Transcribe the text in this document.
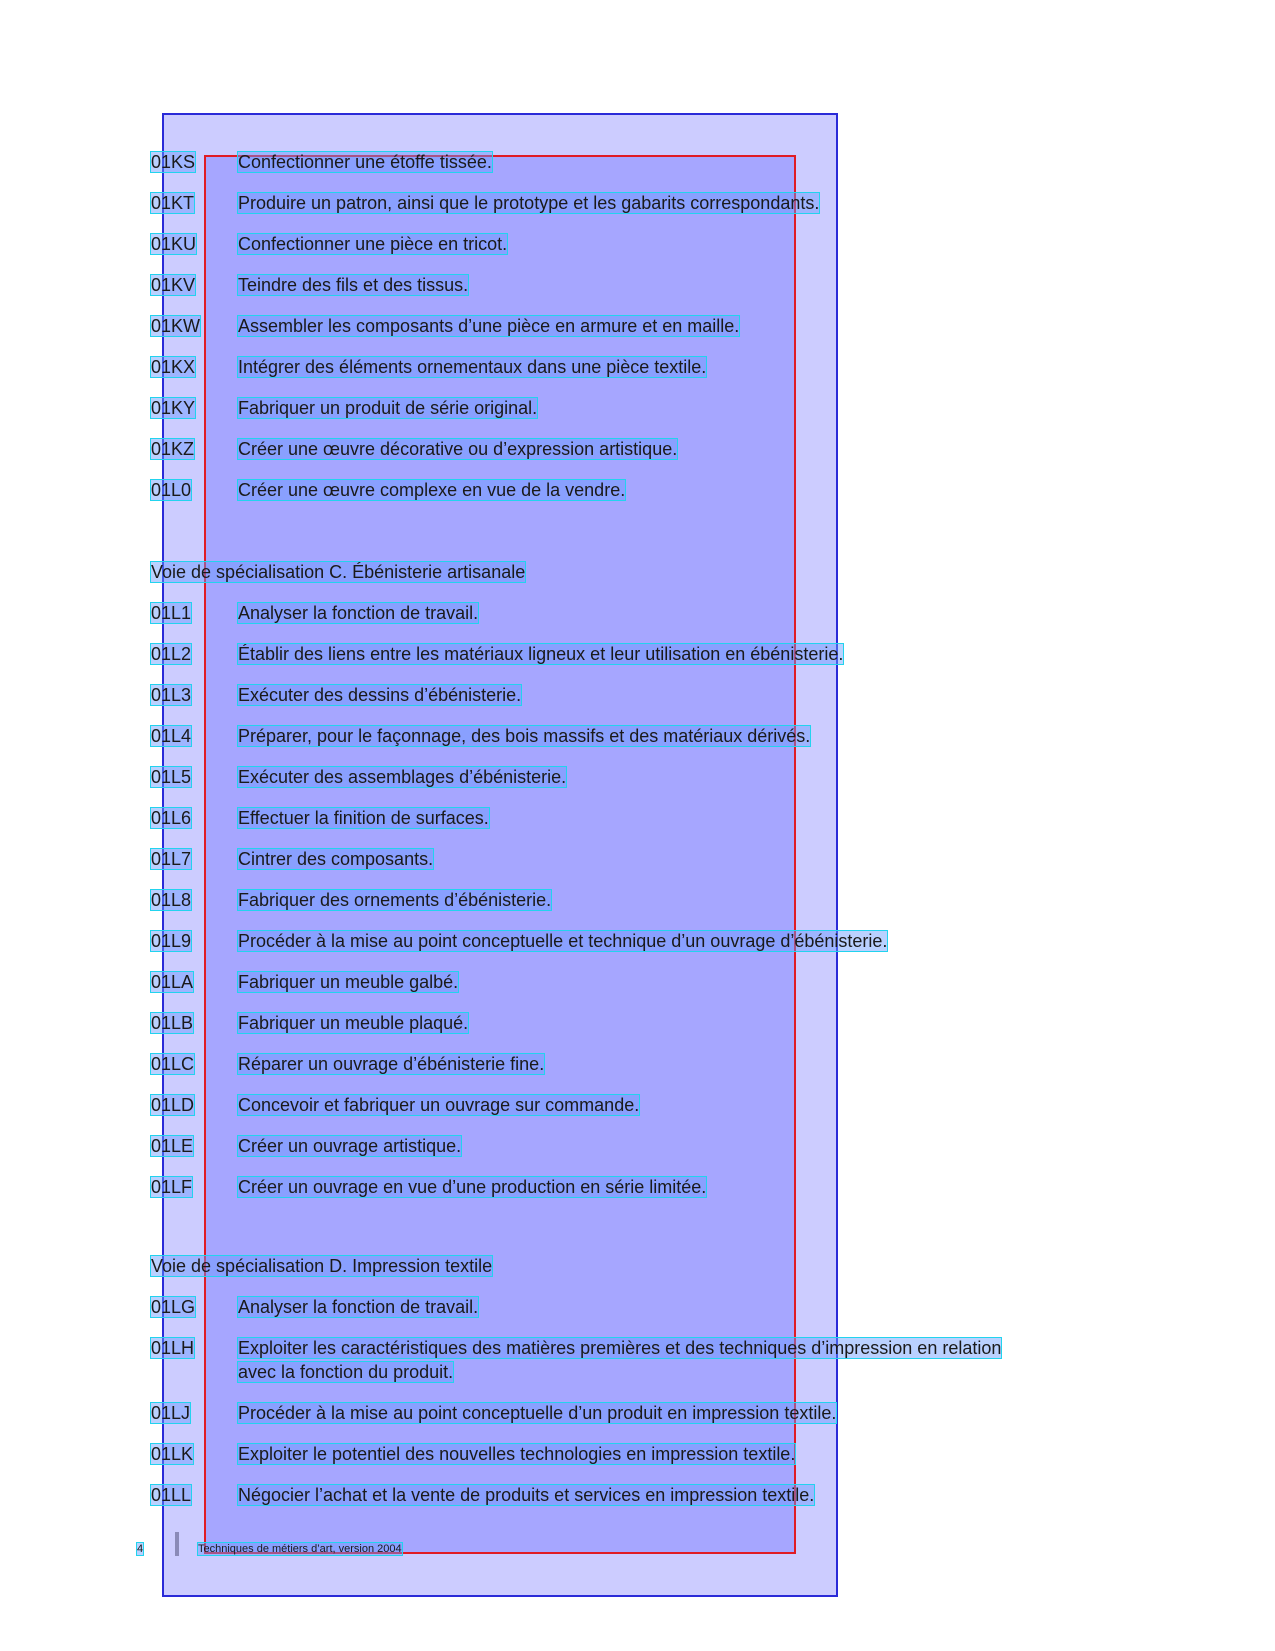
01KS Confectionner une étoffe tissée.
01KT Produire un patron, ainsi que le prototype et les gabarits correspondants.
01KU Confectionner une pièce en tricot.
01KV Teindre des fils et des tissus.
01KW Assembler les composants d’une pièce en armure et en maille.
01KX Intégrer des éléments ornementaux dans une pièce textile.
01KY Fabriquer un produit de série original.
01KZ Créer une œuvre décorative ou d’expression artistique.
01L0	Créer une œuvre complexe en vue de la vendre.
Voie de spécialisation C. Ébénisterie artisanale
01L1	Analyser la fonction de travail.
01L2	Établir des liens entre les matériaux ligneux et leur utilisation en ébénisterie.
01L3	Exécuter des dessins d’ébénisterie.
01L4	Préparer, pour le façonnage, des bois massifs et des matériaux dérivés.
01L5	Exécuter des assemblages d’ébénisterie.
01L6	Effectuer la finition de surfaces.
01L7	Cintrer des composants.
01L8	Fabriquer des ornements d’ébénisterie.
01L9	Procéder à la mise au point conceptuelle et technique d’un ouvrage d’ébénisterie.
01LA Fabriquer un meuble galbé.
01LB Fabriquer un meuble plaqué.
01LC Réparer un ouvrage d’ébénisterie fine.
01LD Concevoir et fabriquer un ouvrage sur commande.
01LE Créer un ouvrage artistique.
01LF	Créer un ouvrage en vue d’une production en série limitée.
Voie de spécialisation D. Impression textile
01LG Analyser la fonction de travail.
01LH Exploiter les caractéristiques des matières premières et des techniques d’impression en relation
avec la fonction du produit.
01LJ	Procéder à la mise au point conceptuelle d’un produit en impression textile.
01LK Exploiter le potentiel des nouvelles technologies en impression textile.
01LL	Négocier l’achat et la vente de produits et services en impression textile.
4	Techniques de métiers d’art, version 2004
